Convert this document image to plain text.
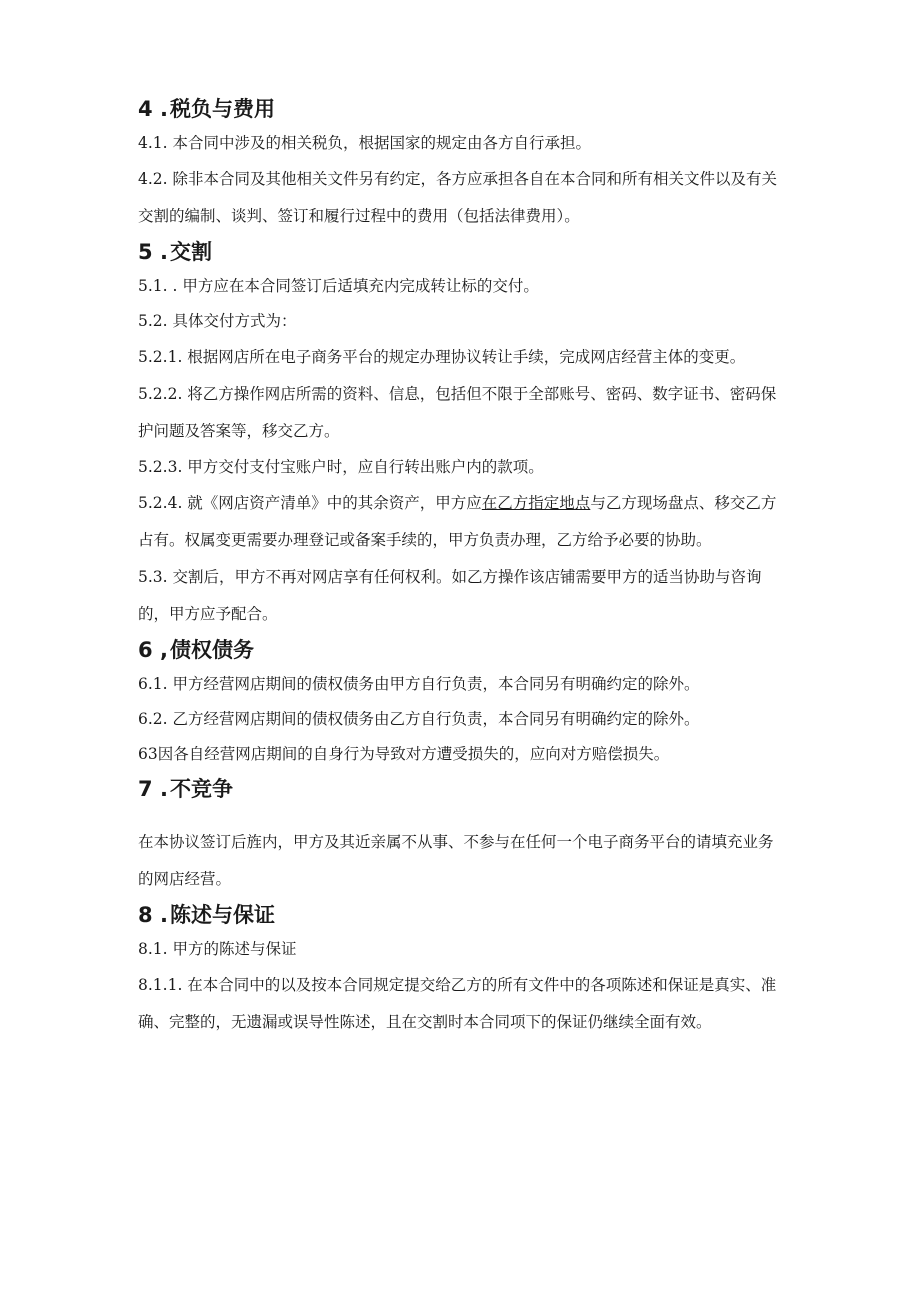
4 . 税负与费用

4.1. 本合同中涉及的相关税负，根据国家的规定由各方自行承担。

4.2. 除非本合同及其他相关文件另有约定，各方应承担各自在本合同和所有相关文件以及有关交割的编制、谈判、签订和履行过程中的费用（包括法律费用）。

5 . 交割

5.1. . 甲方应在本合同签订后适填充内完成转让标的交付。

5.2. 具体交付方式为：

5.2.1. 根据网店所在电子商务平台的规定办理协议转让手续，完成网店经营主体的变更。

5.2.2. 将乙方操作网店所需的资料、信息，包括但不限于全部账号、密码、数字证书、密码保护问题及答案等，移交乙方。

5.2.3. 甲方交付支付宝账户时，应自行转出账户内的款项。

5.2.4. 就《网店资产清单》中的其余资产，甲方应在乙方指定地点与乙方现场盘点、移交乙方占有。权属变更需要办理登记或备案手续的，甲方负责办理，乙方给予必要的协助。

5.3. 交割后，甲方不再对网店享有任何权利。如乙方操作该店铺需要甲方的适当协助与咨询的，甲方应予配合。

6 , 债权债务

6.1. 甲方经营网店期间的债权债务由甲方自行负责，本合同另有明确约定的除外。

6.2. 乙方经营网店期间的债权债务由乙方自行负责，本合同另有明确约定的除外。

63因各自经营网店期间的自身行为导致对方遭受损失的，应向对方赔偿损失。

7 . 不竞争

在本协议签订后旌内，甲方及其近亲属不从事、不参与在任何一个电子商务平台的请填充业务的网店经营。

8 . 陈述与保证

8.1. 甲方的陈述与保证

8.1.1. 在本合同中的以及按本合同规定提交给乙方的所有文件中的各项陈述和保证是真实、准确、完整的，无遗漏或误导性陈述，且在交割时本合同项下的保证仍继续全面有效。
